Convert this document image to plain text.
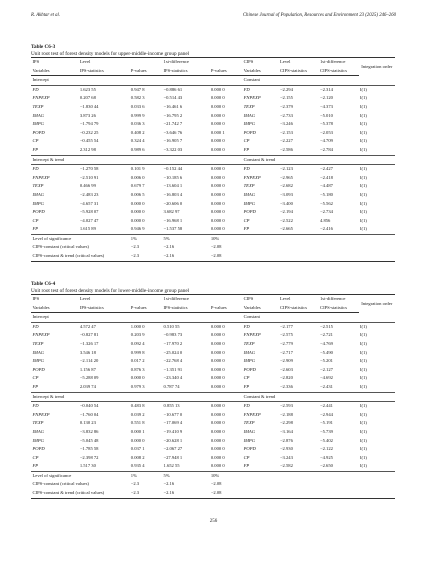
R. Akhtar et al.	Chinese Journal of Population, Resources and Environment 23 (2025) 246–260
Table C6-3
Unit root test of forest density models for upper-middle-income group panel
IPS	Level		1st-difference		CIPS	Level	1st-difference	Integration order
Variables	IPS-statistics	P-values	IPS-statistics	P-values	Variables	CIPS-statistics	CIPS-statistics	
Intercept					Constant			
FD	1.623 55	0.947 8	−0.886 61	0.000 0	FD	−2.294	−2.314	I(1)
FNPEXP	0.207 68	0.582 3	−0.514 43	0.000 0	FNPEXP	−2.155	−2.120	I(1)
TEXP	−1.830 44	0.033 6	−16.461 6	0.000 0	TEXP	−2.379	−4.373	I(1)
IMAG	3.873 26	0.999 9	−16.795 2	0.000 0	IMAG	−2.733	−5.010	I(1)
IMPG	−1.794 79	0.036 3	−21.742 7	0.000 0	IMPG	−3.246	−5.378	I(1)
POPD	−0.232 25	0.408 2	−3.646 76	0.000 1	POPD	−2.153	−2.053	I(1)
CP	−0.455 54	0.324 4	−16.905 7	0.000 0	CP	−2.227	−4.709	I(1)
FP	2.312 98	0.989 6	−3.322 03	0.000 0	FP	−2.586	−2.784	I(1)
Intercept & trend					Constant & trend			
FD	−1.270 58	0.101 9	−0.152 44	0.000 0	FD	−2.123	−2.427	I(1)
FNPEXP	−2.510 91	0.006 0	−10.185 6	0.000 0	FNPEXP	−2.965	−2.418	I(1)
TEXP	0.466 99	0.679 7	−13.604 1	0.000 0	TEXP	−2.682	−4.487	I(1)
IMAG	−2.483 23	0.006 5	−16.803 4	0.000 0	IMAG	−3.093	−5.180	I(1)
IMPG	−4.657 31	0.000 0	−20.606 0	0.000 0	IMPG	−3.400	−5.562	I(1)
POPD	−5.928 07	0.000 0	3.682 97	0.000 0	POPD	−2.194	−2.734	I(1)
CP	−4.027 47	0.000 0	−16.968 1	0.000 0	CP	−2.522	4.856	I(1)
FP	1.615 89	0.946 9	−1.537 58	0.000 0	FP	−2.665	−2.416	I(1)
Level of significance		1%	5%	10%				
CIPS-constant (critical values)		−2.3	−2.16	−2.08				
CIPS-constant & trend (critical values)		−2.3	−2.16	−2.08				
Table C6-4
Unit root test of forest density models for lower-middle-income group panel
IPS	Level		1st-difference		CIPS	Level	1st-difference	Integration order
Variables	IPS-statistics	P-values	IPS-statistics	P-values	Variables	CIPS-statistics	CIPS-statistics	
Intercept					Constant			
FD	4.572 47	1.000 0	0.510 55	0.000 0	FD	−2.177	−2.515	I(1)
FNPEXP	−0.827 81	0.203 9	−0.983 73	0.000 0	FNPEXP	−2.575	−2.721	I(1)
TEXP	−1.326 17	0.092 4	−17.970 2	0.000 0	TEXP	−2.779	−4.769	I(1)
IMAG	3.546 18	0.999 8	−25.024 0	0.000 0	IMAG	−2.717	−5.490	I(1)
IMPG	−2.114 20	0.017 2	−22.768 4	0.000 0	IMPG	−2.909	−5.201	I(1)
POPD	1.156 87	0.876 3	−1.351 91	0.000 0	POPD	−2.603	−2.127	I(1)
CP	−5.288 09	0.000 0	−23.340 4	0.000 0	CP	−2.820	−4.692	I(1)
FP	2.039 74	0.979 3	0.787 74	0.000 0	FP	−2.336	−2.431	I(1)
Intercept & trend					Constant & trend			
FD	−0.040 54	0.483 8	0.855 13	0.000 0	FD	−2.593	−2.441	I(1)
FNPEXP	−1.760 04	0.039 2	−10.677 0	0.000 0	FNPEXP	−2.188	−2.944	I(1)
TEXP	0.130 23	0.551 8	−17.069 4	0.000 0	TEXP	−2.298	−5.191	I(1)
IMAG	−3.832 86	0.000 1	−19.410 9	0.000 0	IMAG	−3.164	−5.739	I(1)
IMPG	−5.045 48	0.000 0	−20.628 1	0.000 0	IMPG	−2.876	−5.402	I(1)
POPD	−1.785 58	0.037 1	−2.067 27	0.000 0	POPD	−2.930	−2.122	I(1)
CP	−2.398 72	0.008 2	−27.948 1	0.000 0	CP	−3.243	−4.925	I(1)
FP	1.517 30	0.935 4	1.652 55	0.000 0	FP	−2.582	−2.650	I(1)
Level of significance		1%	5%	10%				
CIPS-constant (critical values)		−2.3	−2.16	−2.08				
CIPS-constant & trend (critical values)		−2.3	−2.16	−2.08				
256
